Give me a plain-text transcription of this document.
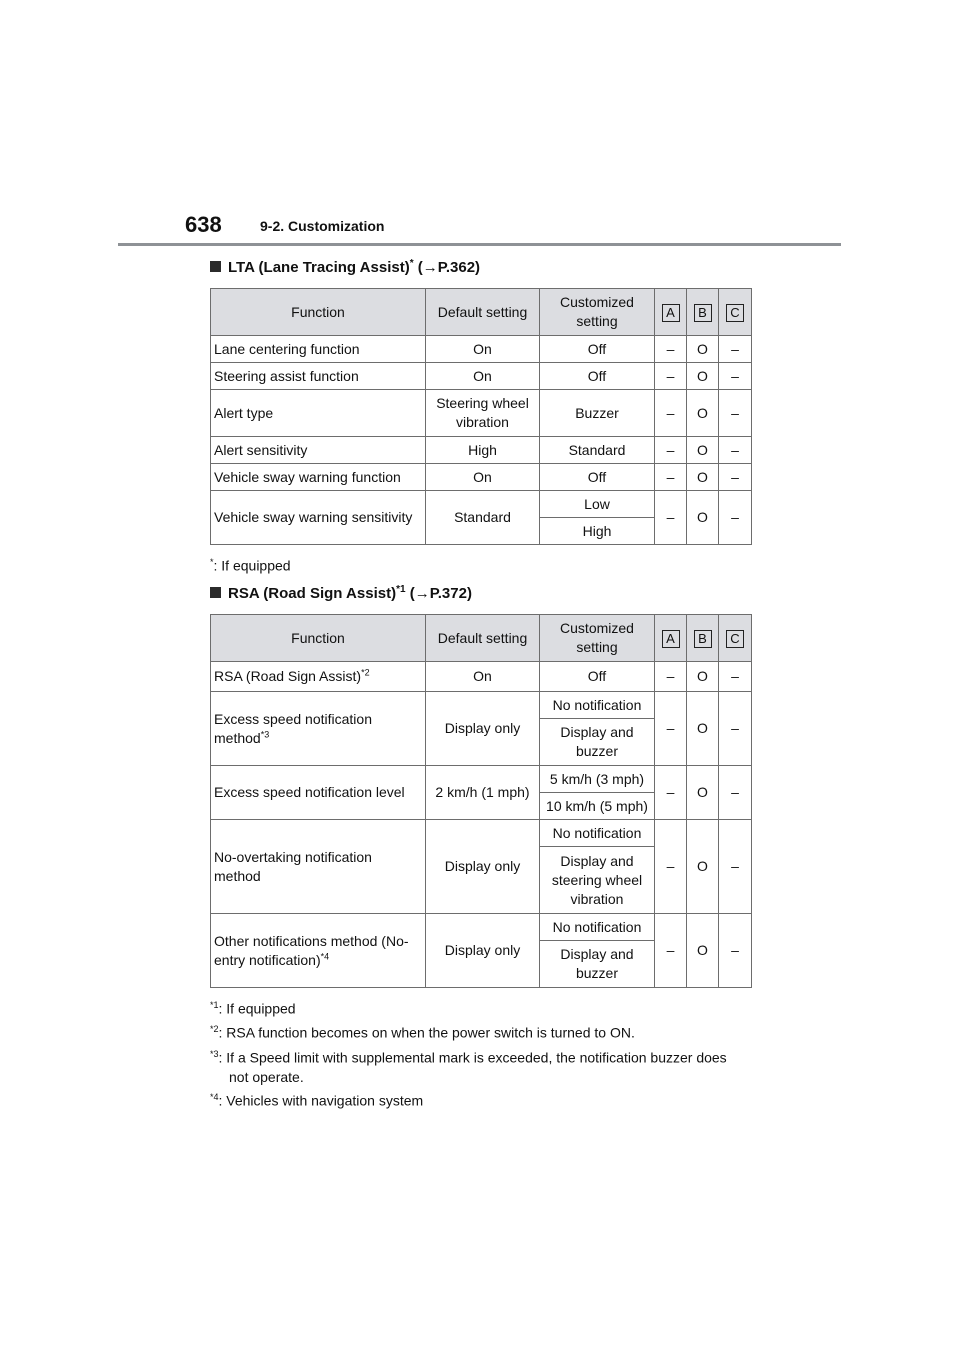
638	9-2. Customization
LTA (Lane Tracing Assist)* (→P.362)
Function	Default setting	Customized setting	A	B	C
Lane centering function	On	Off	–	O	–
Steering assist function	On	Off	–	O	–
Alert type	Steering wheel vibration	Buzzer	–	O	–
Alert sensitivity	High	Standard	–	O	–
Vehicle sway warning function	On	Off	–	O	–
Vehicle sway warning sensitivity	Standard	Low	–	O	–
		High			
*: If equipped
RSA (Road Sign Assist)$^{*1}$ (→P.372)
Function	Default setting	Customized setting	A	B	C
RSA (Road Sign Assist)$^{*2}$	On	Off	–	O	–
Excess speed notification method$^{*3}$	Display only	No notification	–	O	–
		Display and buzzer			
Excess speed notification level	2 km/h (1 mph)	5 km/h (3 mph)	–	O	–
		10 km/h (5 mph)			
No-overtaking notification method	Display only	No notification	–	O	–
		Display and steering wheel vibration			
Other notifications method (No-entry notification)$^{*4}$	Display only	No notification	–	O	–
		Display and buzzer			
$^{*1}$: If equipped
$^{*2}$: RSA function becomes on when the power switch is turned to ON.
$^{*3}$: If a Speed limit with supplemental mark is exceeded, the notification buzzer does
not operate.
$^{*4}$: Vehicles with navigation system
